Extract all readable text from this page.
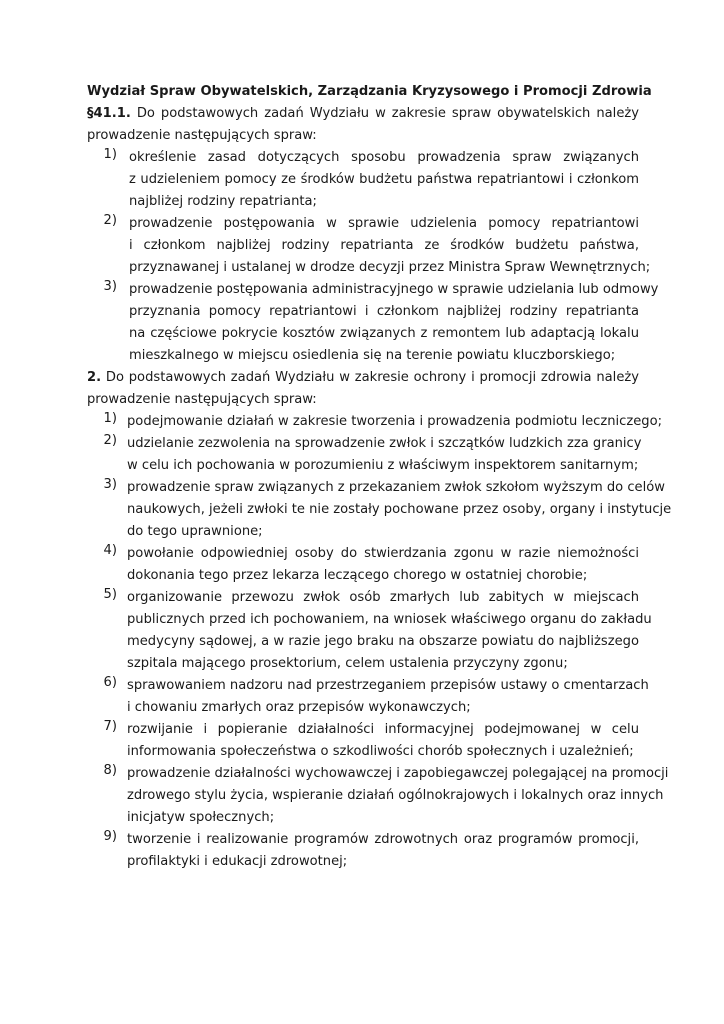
Wydział Spraw Obywatelskich, Zarządzania Kryzysowego i Promocji Zdrowia
§41.1. Do podstawowych zadań Wydziału w zakresie spraw obywatelskich należy
prowadzenie następujących spraw:
1) określenie zasad dotyczących sposobu prowadzenia spraw związanych
z udzieleniem pomocy ze środków budżetu państwa repatriantowi i członkom
najbliżej rodziny repatrianta;
2) prowadzenie postępowania w sprawie udzielenia pomocy repatriantowi
i członkom najbliżej rodziny repatrianta ze środków budżetu państwa,
przyznawanej i ustalanej w drodze decyzji przez Ministra Spraw Wewnętrznych;
3) prowadzenie postępowania administracyjnego w sprawie udzielania lub odmowy
przyznania pomocy repatriantowi i członkom najbliżej rodziny repatrianta
na częściowe pokrycie kosztów związanych z remontem lub adaptacją lokalu
mieszkalnego w miejscu osiedlenia się na terenie powiatu kluczborskiego;
2. Do podstawowych zadań Wydziału w zakresie ochrony i promocji zdrowia należy
prowadzenie następujących spraw:
1) podejmowanie działań w zakresie tworzenia i prowadzenia podmiotu leczniczego;
2) udzielanie zezwolenia na sprowadzenie zwłok i szczątków ludzkich zza granicy
w celu ich pochowania w porozumieniu z właściwym inspektorem sanitarnym;
3) prowadzenie spraw związanych z przekazaniem zwłok szkołom wyższym do celów
naukowych, jeżeli zwłoki te nie zostały pochowane przez osoby, organy i instytucje
do tego uprawnione;
4) powołanie odpowiedniej osoby do stwierdzania zgonu w razie niemożności
dokonania tego przez lekarza leczącego chorego w ostatniej chorobie;
5) organizowanie przewozu zwłok osób zmarłych lub zabitych w miejscach
publicznych przed ich pochowaniem, na wniosek właściwego organu do zakładu
medycyny sądowej, a w razie jego braku na obszarze powiatu do najbliższego
szpitala mającego prosektorium, celem ustalenia przyczyny zgonu;
6) sprawowaniem nadzoru nad przestrzeganiem przepisów ustawy o cmentarzach
i chowaniu zmarłych oraz przepisów wykonawczych;
7) rozwijanie i popieranie działalności informacyjnej podejmowanej w celu
informowania społeczeństwa o szkodliwości chorób społecznych i uzależnień;
8) prowadzenie działalności wychowawczej i zapobiegawczej polegającej na promocji
zdrowego stylu życia, wspieranie działań ogólnokrajowych i lokalnych oraz innych
inicjatyw społecznych;
9) tworzenie i realizowanie programów zdrowotnych oraz programów promocji,
profilaktyki i edukacji zdrowotnej;
